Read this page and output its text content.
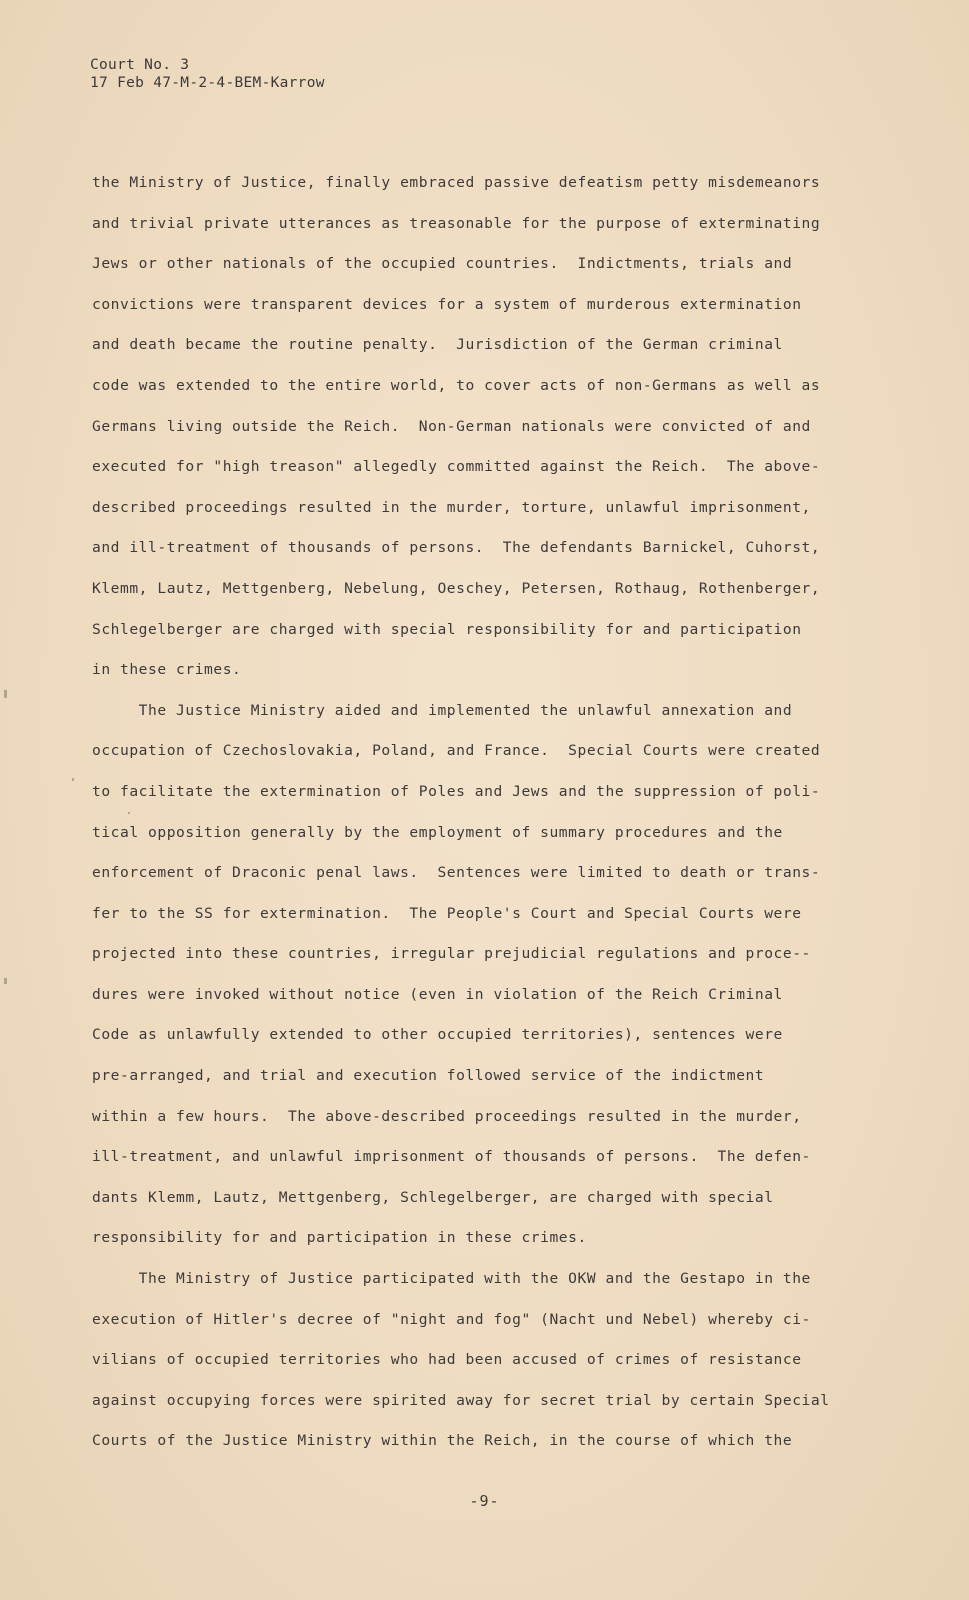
Court No. 3
17 Feb 47-M-2-4-BEM-Karrow
the Ministry of Justice, finally embraced passive defeatism petty misdemeanors
and trivial private utterances as treasonable for the purpose of exterminating
Jews or other nationals of the occupied countries.  Indictments, trials and
convictions were transparent devices for a system of murderous extermination
and death became the routine penalty.  Jurisdiction of the German criminal
code was extended to the entire world, to cover acts of non-Germans as well as
Germans living outside the Reich.  Non-German nationals were convicted of and
executed for "high treason" allegedly committed against the Reich.  The above-
described proceedings resulted in the murder, torture, unlawful imprisonment,
and ill-treatment of thousands of persons.  The defendants Barnickel, Cuhorst,
Klemm, Lautz, Mettgenberg, Nebelung, Oeschey, Petersen, Rothaug, Rothenberger,
Schlegelberger are charged with special responsibility for and participation
in these crimes.
The Justice Ministry aided and implemented the unlawful annexation and
occupation of Czechoslovakia, Poland, and France.  Special Courts were created
to facilitate the extermination of Poles and Jews and the suppression of poli-
tical opposition generally by the employment of summary procedures and the
enforcement of Draconic penal laws.  Sentences were limited to death or trans-
fer to the SS for extermination.  The People's Court and Special Courts were
projected into these countries, irregular prejudicial regulations and proce--
dures were invoked without notice (even in violation of the Reich Criminal
Code as unlawfully extended to other occupied territories), sentences were
pre-arranged, and trial and execution followed service of the indictment
within a few hours.  The above-described proceedings resulted in the murder,
ill-treatment, and unlawful imprisonment of thousands of persons.  The defen-
dants Klemm, Lautz, Mettgenberg, Schlegelberger, are charged with special
responsibility for and participation in these crimes.
The Ministry of Justice participated with the OKW and the Gestapo in the
execution of Hitler's decree of "night and fog" (Nacht und Nebel) whereby ci-
vilians of occupied territories who had been accused of crimes of resistance
against occupying forces were spirited away for secret trial by certain Special
Courts of the Justice Ministry within the Reich, in the course of which the
-9-
